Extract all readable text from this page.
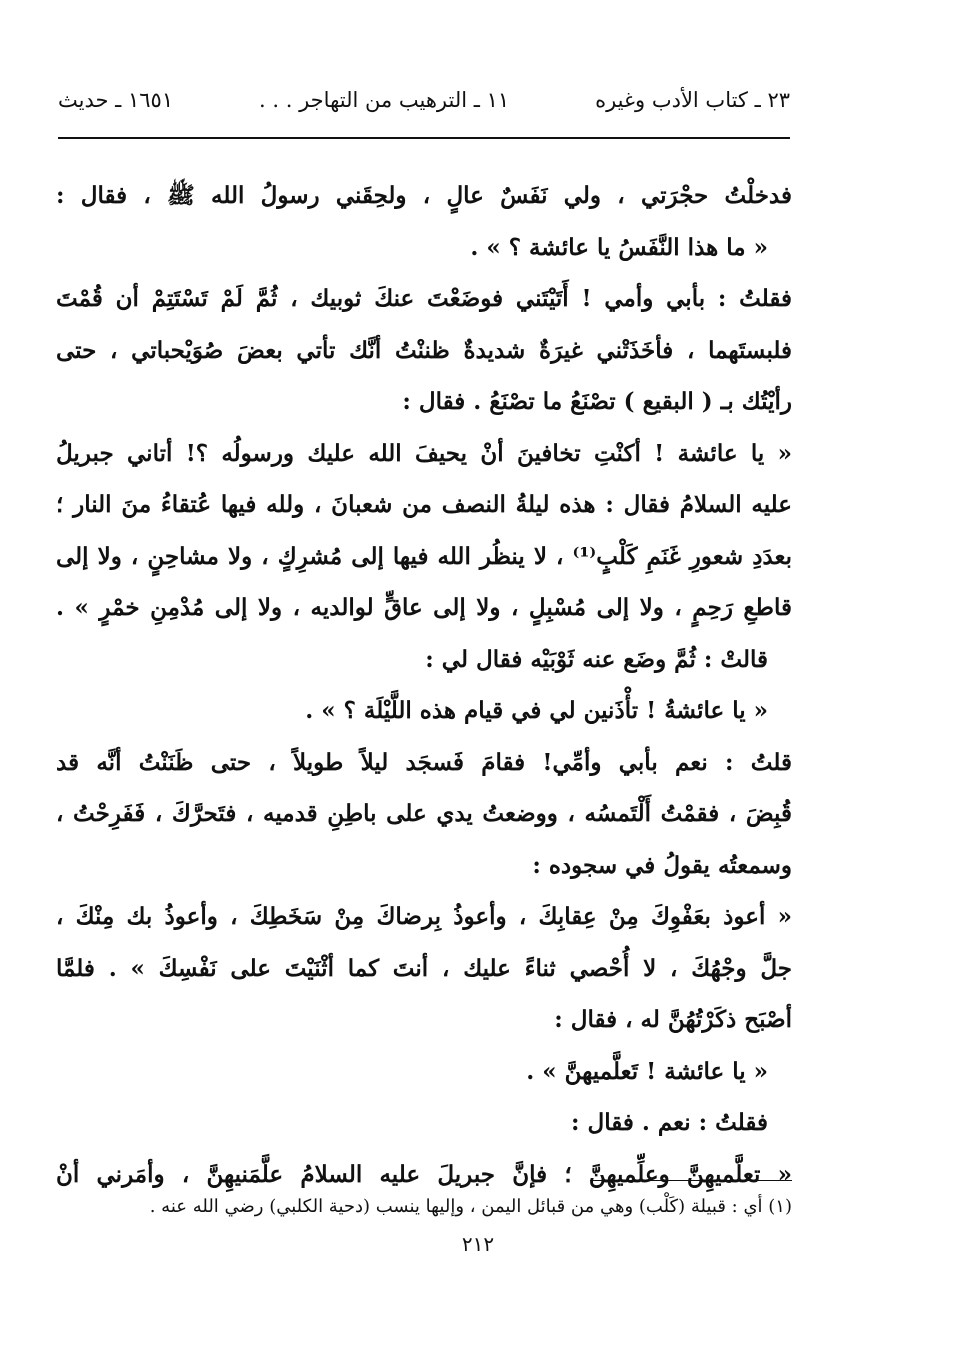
٢٣ ـ كتاب الأدب وغيره
١١ ـ الترهيب من التهاجر . . .
١٦٥١ ـ حديث
فدخلْتُ حجْرَتي ، ولي نَفَسٌ عالٍ ، ولحِقَني رسولُ الله ﷺ ، فقال :
« ما هذا النَّفَسُ يا عائشة ؟ » .
فقلتُ : بأبي وأمي ! أَتَيْتَني فوضَعْتَ عنكَ ثوبيك ، ثُمَّ لَمْ تَسْتَتِمْ أن قُمْتَ
فلبستَهما ، فأخَذَتْني غيرَةٌ شديدةٌ ظننْتُ أنَّك تأتي بعضَ صُوَيْحباتي ، حتى
رأيْتُك بـ ( البقيع ) تصْنَعُ ما تصْنَعُ . فقال :
« يا عائشة ! أكنْتِ تخافينَ أنْ يحيفَ الله عليك ورسولُه ؟! أتاني جبريلُ
عليه السلامُ فقال : هذه ليلةُ النصف من شعبانَ ، ولله فيها عُتقاءُ منَ النار ؛
بعدَدِ شعورِ غَنَمِ كَلْبٍ⁽¹⁾ ، لا ينظُر الله فيها إلى مُشرِكٍ ، ولا مشاحِنٍ ، ولا إلى
قاطعِ رَحِمٍ ، ولا إلى مُسْبِلٍ ، ولا إلى عاقٍّ لوالديه ، ولا إلى مُدْمِنِ خمْرٍ » .
قالتْ : ثُمَّ وضَع عنه ثَوْبَيْه فقال لي :
« يا عائشةُ ! تأْذَنين لي في قيام هذه اللَّيْلَة ؟ » .
قلتُ : نعم بأبي وأمِّي! فقامَ فَسجَد ليلاً طويلاً ، حتى ظَنَنْتُ أنَّه قد
قُبِضَ ، فقمْتُ أَلْتَمسُه ، ووضعتُ يدي على باطِنِ قدميه ، فتَحرَّكَ ، فَفَرِحْتُ ،
وسمعتُه يقولُ في سجوده :
« أعوذ بعَفْوِكَ مِنْ عِقابِكَ ، وأعوذُ بِرضاكَ مِنْ سَخَطِكَ ، وأعوذُ بك مِنْكَ ،
جلَّ وجْهُكَ ، لا أُحْصي ثناءً عليك ، أنتَ كما أثْنَيْتَ على نَفْسِكَ » . فلمَّا
أصْبَح ذكَرْتُهُنَّ له ، فقال :
« يا عائشة ! تَعلَّميهنَّ » .
فقلتُ : نعم . فقال :
« تعلَّميهِنَّ وعلِّميهِنَّ ؛ فإنَّ جبريلَ عليه السلامُ علَّمَنيهِنَّ ، وأمَرني أنْ
(١) أي : قبيلة (كَلْب) وهي من قبائل اليمن ، وإليها ينسب (دحية الكلبي) رضي الله عنه .
٢١٢
